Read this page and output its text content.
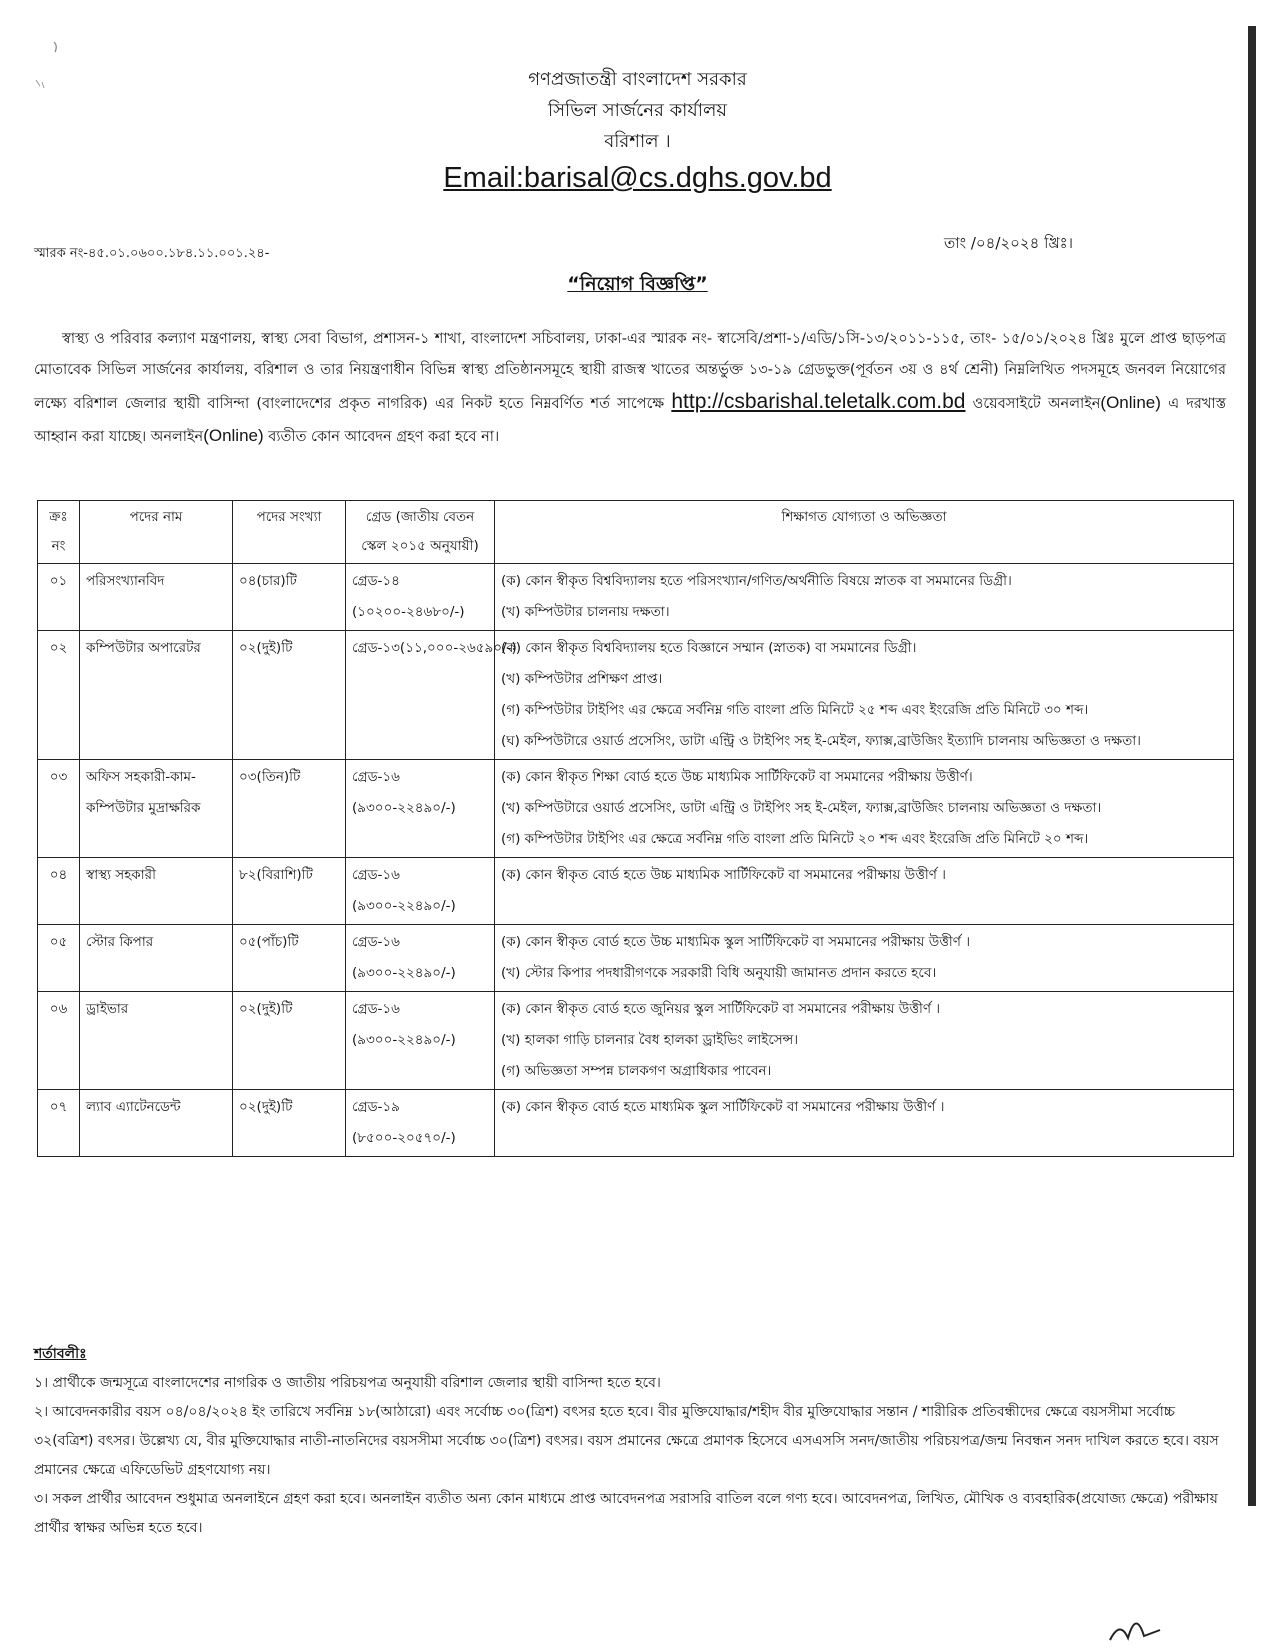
গণপ্রজাতন্ত্রী বাংলাদেশ সরকার
সিভিল সার্জনের কার্যালয়
বরিশাল ।
Email:barisal@cs.dghs.gov.bd
স্মারক নং-৪৫.০১.০৬০০.১৮৪.১১.০০১.২৪-
তাং /০৪/২০২৪ খ্রিঃ।
“নিয়োগ বিজ্ঞপ্তি”
স্বাস্থ্য ও পরিবার কল্যাণ মন্ত্রণালয়, স্বাস্থ্য সেবা বিভাগ, প্রশাসন-১ শাখা, বাংলাদেশ সচিবালয়, ঢাকা-এর স্মারক নং- স্বাসেবি/প্রশা-১/এডি/১সি-১৩/২০১১-১১৫, তাং- ১৫/০১/২০২৪ খ্রিঃ মুলে প্রাপ্ত ছাড়পত্র মোতাবেক সিভিল সার্জনের কার্যালয়, বরিশাল ও তার নিয়ন্ত্রণাধীন বিভিন্ন স্বাস্থ্য প্রতিষ্ঠানসমূহে স্থায়ী রাজস্ব খাতের অন্তর্ভুক্ত ১৩-১৯ গ্রেডভুক্ত(পূর্বতন ৩য় ও ৪র্থ শ্রেনী) নিম্নলিখিত পদসমূহে জনবল নিয়োগের লক্ষ্যে বরিশাল জেলার স্থায়ী বাসিন্দা (বাংলাদেশের প্রকৃত নাগরিক) এর নিকট হতে নিম্নবর্ণিত শর্ত সাপেক্ষে http://csbarishal.teletalk.com.bd ওয়েবসাইটে অনলাইন(Online) এ দরখাস্ত আহ্বান করা যাচ্ছে। অনলাইন(Online) ব্যতীত কোন আবেদন গ্রহণ করা হবে না।
ক্রঃ নং	পদের নাম	পদের সংখ্যা	গ্রেড (জাতীয় বেতন স্কেল ২০১৫ অনুযায়ী)	শিক্ষাগত যোগ্যতা ও অভিজ্ঞতা
০১	পরিসংখ্যানবিদ	০৪(চার)টি	গ্রেড-১৪ (১০২০০-২৪৬৮০/-)	(ক) কোন স্বীকৃত বিশ্ববিদ্যালয় হতে পরিসংখ্যান/গণিত/অর্থনীতি বিষয়ে স্নাতক বা সমমানের ডিগ্রী।
(খ) কম্পিউটার চালনায় দক্ষতা।

০২	কম্পিউটার অপারেটর	০২(দুই)টি	গ্রেড-১৩(১১,০০০-২৬৫৯০/-)	(ক) কোন স্বীকৃত বিশ্ববিদ্যালয় হতে বিজ্ঞানে সম্মান (স্নাতক) বা সমমানের ডিগ্রী।
(খ) কম্পিউটার প্রশিক্ষণ প্রাপ্ত।
(গ) কম্পিউটার টাইপিং এর ক্ষেত্রে সর্বনিম্ন গতি বাংলা প্রতি মিনিটে ২৫ শব্দ এবং ইংরেজি প্রতি মিনিটে ৩০ শব্দ।
(ঘ) কম্পিউটারে ওয়ার্ড প্রসেসিং, ডাটা এন্ট্রি ও টাইপিং সহ ই-মেইল, ফ্যাক্স,ব্রাউজিং ইত্যাদি চালনায় অভিজ্ঞতা ও দক্ষতা।

০৩	অফিস সহকারী-কাম-কম্পিউটার মুদ্রাক্ষরিক	০৩(তিন)টি	গ্রেড-১৬ (৯৩০০-২২৪৯০/-)	(ক) কোন স্বীকৃত শিক্ষা বোর্ড হতে উচ্চ মাধ্যমিক সার্টিফিকেট বা সমমানের পরীক্ষায় উত্তীর্ণ।
(খ) কম্পিউটারে ওয়ার্ড প্রসেসিং, ডাটা এন্ট্রি ও টাইপিং সহ ই-মেইল, ফ্যাক্স,ব্রাউজিং চালনায় অভিজ্ঞতা ও দক্ষতা।
(গ) কম্পিউটার টাইপিং এর ক্ষেত্রে সর্বনিম্ন গতি বাংলা প্রতি মিনিটে ২০ শব্দ এবং ইংরেজি প্রতি মিনিটে ২০ শব্দ।

০৪	স্বাস্থ্য সহকারী	৮২(বিরাশি)টি	গ্রেড-১৬ (৯৩০০-২২৪৯০/-)	(ক) কোন স্বীকৃত বোর্ড হতে উচ্চ মাধ্যমিক সার্টিফিকেট বা সমমানের পরীক্ষায় উত্তীর্ণ ।

০৫	স্টোর কিপার	০৫(পাঁচ)টি	গ্রেড-১৬ (৯৩০০-২২৪৯০/-)	(ক) কোন স্বীকৃত বোর্ড হতে উচ্চ মাধ্যমিক স্কুল সার্টিফিকেট বা সমমানের পরীক্ষায় উত্তীর্ণ ।
(খ) স্টোর কিপার পদধারীগণকে সরকারী বিধি অনুযায়ী জামানত প্রদান করতে হবে।

০৬	ড্রাইভার	০২(দুই)টি	গ্রেড-১৬ (৯৩০০-২২৪৯০/-)	(ক) কোন স্বীকৃত বোর্ড হতে জুনিয়র স্কুল সার্টিফিকেট বা সমমানের পরীক্ষায় উত্তীর্ণ ।
(খ) হালকা গাড়ি চালনার বৈধ হালকা ড্রাইভিং লাইসেন্স।
(গ) অভিজ্ঞতা সম্পন্ন চালকগণ অগ্রাধিকার পাবেন।

০৭	ল্যাব এ্যাটেনডেন্ট	০২(দুই)টি	গ্রেড-১৯ (৮৫০০-২০৫৭০/-)	(ক) কোন স্বীকৃত বোর্ড হতে মাধ্যমিক স্কুল সার্টিফিকেট বা সমমানের পরীক্ষায় উত্তীর্ণ ।
শর্তাবলীঃ
১। প্রার্থীকে জন্মসূত্রে বাংলাদেশের নাগরিক ও জাতীয় পরিচয়পত্র অনুযায়ী বরিশাল জেলার স্থায়ী বাসিন্দা হতে হবে।
২। আবেদনকারীর বয়স ০৪/০৪/২০২৪ ইং তারিখে সর্বনিম্ন ১৮(আঠারো) এবং সর্বোচ্চ ৩০(ত্রিশ) বৎসর হতে হবে। বীর মুক্তিযোদ্ধার/শহীদ বীর মুক্তিযোদ্ধার সন্তান / শারীরিক প্রতিবন্ধীদের ক্ষেত্রে বয়সসীমা সর্বোচ্চ ৩২(বত্রিশ) বৎসর। উল্লেখ্য যে, বীর মুক্তিযোদ্ধার নাতী-নাতনিদের বয়সসীমা সর্বোচ্চ ৩০(ত্রিশ) বৎসর। বয়স প্রমানের ক্ষেত্রে প্রমাণক হিসেবে এসএসসি সনদ/জাতীয় পরিচয়পত্র/জন্ম নিবন্ধন সনদ দাখিল করতে হবে। বয়স প্রমানের ক্ষেত্রে এফিডেভিট গ্রহণযোগ্য নয়।
৩। সকল প্রার্থীর আবেদন শুধুমাত্র অনলাইনে গ্রহণ করা হবে। অনলাইন ব্যতীত অন্য কোন মাধ্যমে প্রাপ্ত আবেদনপত্র সরাসরি বাতিল বলে গণ্য হবে। আবেদনপত্র, লিখিত, মৌখিক ও ব্যবহারিক(প্রযোজ্য ক্ষেত্রে) পরীক্ষায় প্রার্থীর স্বাক্ষর অভিন্ন হতে হবে।
